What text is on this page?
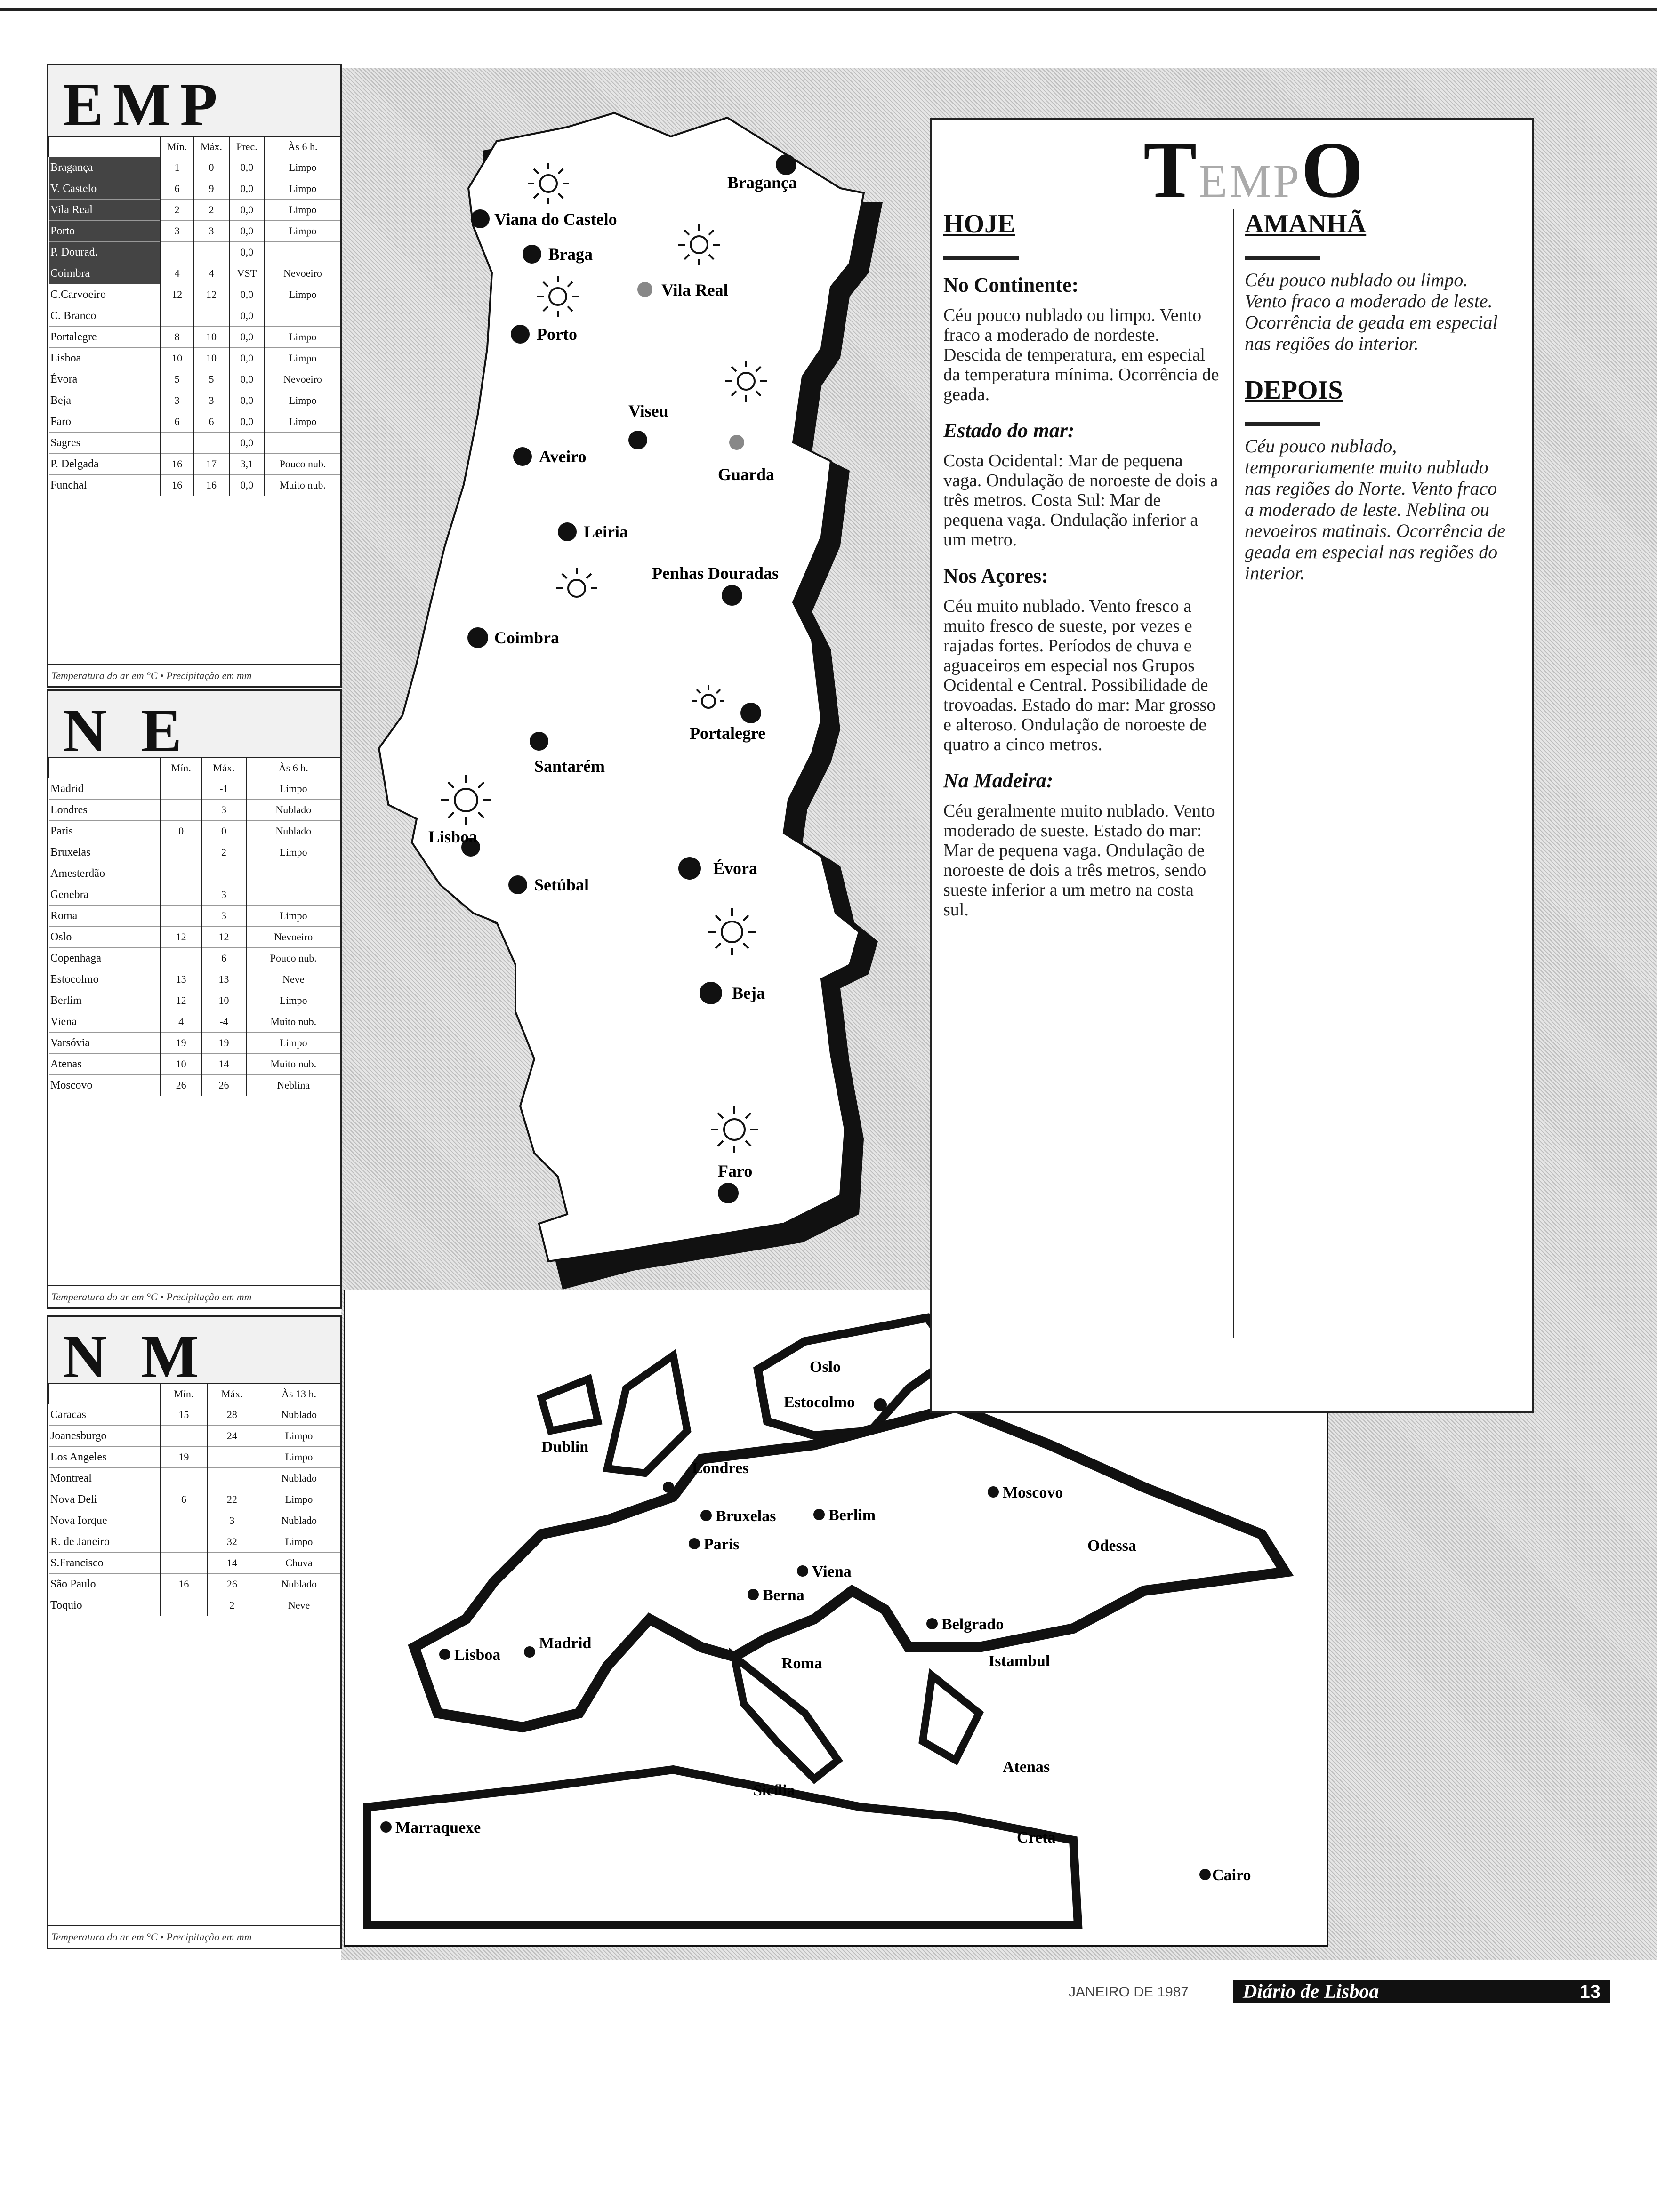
Bragança
Viana do Castelo
Braga
Vila Real
Porto
Viseu
Aveiro
Guarda
Leiria
Penhas Douradas
Coimbra
Portalegre
Santarém
Lisboa
Setúbal
Évora
Beja
Faro
Oslo
Estocolmo
Dublin
Londres
Moscovo
Bruxelas	Berlim
Paris
Viena
Odessa
Berna
Belgrado
Lisboa
Madrid
Roma	Istambul
Atenas
Sicília
Creta
Marraquexe
Cairo
EMP
	Mín.	Máx.	Prec.	Às 6 h.
Bragança	1	0	0,0	Limpo
V. Castelo	6	9	0,0	Limpo
Vila Real	2	2	0,0	Limpo
Porto	3	3	0,0	Limpo
P. Dourad.			0,0	
Coimbra	4	4	VST	Nevoeiro
C.Carvoeiro	12	12	0,0	Limpo
C. Branco			0,0	
Portalegre	8	10	0,0	Limpo
Lisboa	10	10	0,0	Limpo
Évora	5	5	0,0	Nevoeiro
Beja	3	3	0,0	Limpo
Faro	6	6	0,0	Limpo
Sagres			0,0	
P. Delgada	16	17	3,1	Pouco nub.
Funchal	16	16	0,0	Muito nub.
Temperatura do ar em °C • Precipitação em mm
N E
	Mín.	Máx.	Às 6 h.
Madrid		-1	Limpo
Londres		3	Nublado
Paris	0	0	Nublado
Bruxelas		2	Limpo
Amesterdão			
Genebra		3	
Roma		3	Limpo
Oslo	12	12	Nevoeiro
Copenhaga		6	Pouco nub.
Estocolmo	13	13	Neve
Berlim	12	10	Limpo
Viena	4	-4	Muito nub.
Varsóvia	19	19	Limpo
Atenas	10	14	Muito nub.
Moscovo	26	26	Neblina
Temperatura do ar em °C • Precipitação em mm
N M
	Mín.	Máx.	Às 13 h.
Caracas	15	28	Nublado
Joanesburgo		24	Limpo
Los Angeles	19		Limpo
Montreal			Nublado
Nova Deli	6	22	Limpo
Nova Iorque		3	Nublado
R. de Janeiro		32	Limpo
S.Francisco		14	Chuva
São Paulo	16	26	Nublado
Toquio		2	Neve
Temperatura do ar em °C • Precipitação em mm
TEMPO
HOJE
No Continente:
Céu pouco nublado ou limpo. Vento fraco a moderado de nordeste. Descida de temperatura, em especial da temperatura mínima. Ocorrência de geada.
Estado do mar:
Costa Ocidental: Mar de pequena vaga. Ondulação de noroeste de dois a três metros. Costa Sul: Mar de pequena vaga. Ondulação inferior a um metro.
Nos Açores:
Céu muito nublado. Vento fresco a muito fresco de sueste, por vezes e rajadas fortes. Períodos de chuva e aguaceiros em especial nos Grupos Ocidental e Central. Possibilidade de trovoadas. Estado do mar: Mar grosso e alteroso. Ondulação de noroeste de quatro a cinco metros.
Na Madeira:
Céu geralmente muito nublado. Vento moderado de sueste. Estado do mar: Mar de pequena vaga. Ondulação de noroeste de dois a três metros, sendo sueste inferior a um metro na costa sul.
AMANHÃ
Céu pouco nublado ou limpo. Vento fraco a moderado de leste. Ocorrência de geada em especial nas regiões do interior.
DEPOIS
Céu pouco nublado, temporariamente muito nublado nas regiões do Norte. Vento fraco a moderado de leste. Neblina ou nevoeiros matinais. Ocorrência de geada em especial nas regiões do interior.
JANEIRO DE 1987	Diário de Lisboa	13
